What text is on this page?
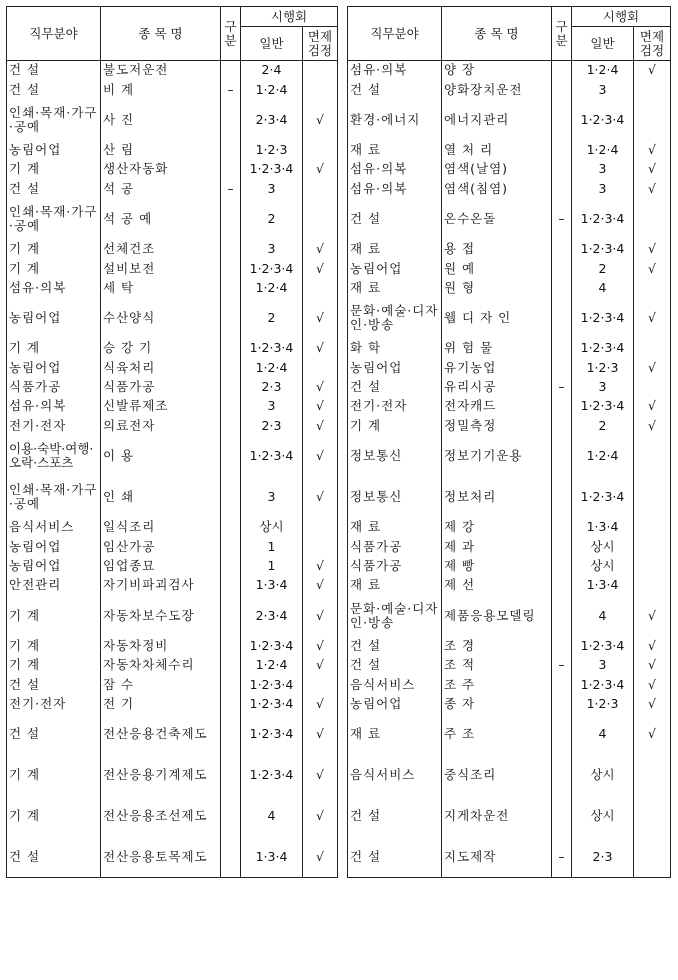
직무분야	종 목 명	구분	시행회	
			일반	면제검정
건 설	불도저운전		2·4	
건 설	비 계	–	1·2·4	
인쇄·목재·가구·공예	사 진		2·3·4	√
농림어업	산 림		1·2·3	
기 계	생산자동화		1·2·3·4	√
건 설	석 공	–	3	
인쇄·목재·가구·공예	석 공 예		2	
기 계	선체건조		3	√
기 계	설비보전		1·2·3·4	√
섬유·의복	세 탁		1·2·4	
농림어업	수산양식		2	√
기 계	승 강 기		1·2·3·4	√
농림어업	식육처리		1·2·4	
식품가공	식품가공		2·3	√
섬유·의복	신발류제조		3	√
전기·전자	의료전자		2·3	√
이용·숙박·여행·오락·스포츠	이 용		1·2·3·4	√
인쇄·목재·가구·공예	인 쇄		3	√
음식서비스	일식조리		상시	
농림어업	임산가공		1	
농림어업	임업종묘		1	√
안전관리	자기비파괴검사		1·3·4	√
기 계	자동차보수도장		2·3·4	√
기 계	자동차정비		1·2·3·4	√
기 계	자동차차체수리		1·2·4	√
건 설	잠 수		1·2·3·4	
전기·전자	전 기		1·2·3·4	√
건 설	전산응용건축제도		1·2·3·4	√
기 계	전산응용기계제도		1·2·3·4	√
기 계	전산응용조선제도		4	√
건 설	전산응용토목제도		1·3·4	√
직무분야	종 목 명	구분	시행회	
			일반	면제검정
섬유·의복	양 장		1·2·4	√
건 설	양화장치운전		3	
환경·에너지	에너지관리		1·2·3·4	
재 료	열 처 리		1·2·4	√
섬유·의복	염색(날염)		3	√
섬유·의복	염색(침염)		3	√
건 설	온수온돌	–	1·2·3·4	
재 료	용 접		1·2·3·4	√
농림어업	원 예		2	√
재 료	원 형		4	
문화·예술·디자인·방송	웹 디 자 인		1·2·3·4	√
화 학	위 험 물		1·2·3·4	
농림어업	유기농업		1·2·3	√
건 설	유리시공	–	3	
전기·전자	전자캐드		1·2·3·4	√
기 계	정밀측정		2	√
정보통신	정보기기운용		1·2·4	
정보통신	정보처리		1·2·3·4	
재 료	제 강		1·3·4	
식품가공	제 과		상시	
식품가공	제 빵		상시	
재 료	제 선		1·3·4	
문화·예술·디자인·방송	제품응용모델링		4	√
건 설	조 경		1·2·3·4	√
건 설	조 적	–	3	√
음식서비스	조 주		1·2·3·4	√
농림어업	종 자		1·2·3	√
재 료	주 조		4	√
음식서비스	중식조리		상시	
건 설	지게차운전		상시	
건 설	지도제작	–	2·3	
